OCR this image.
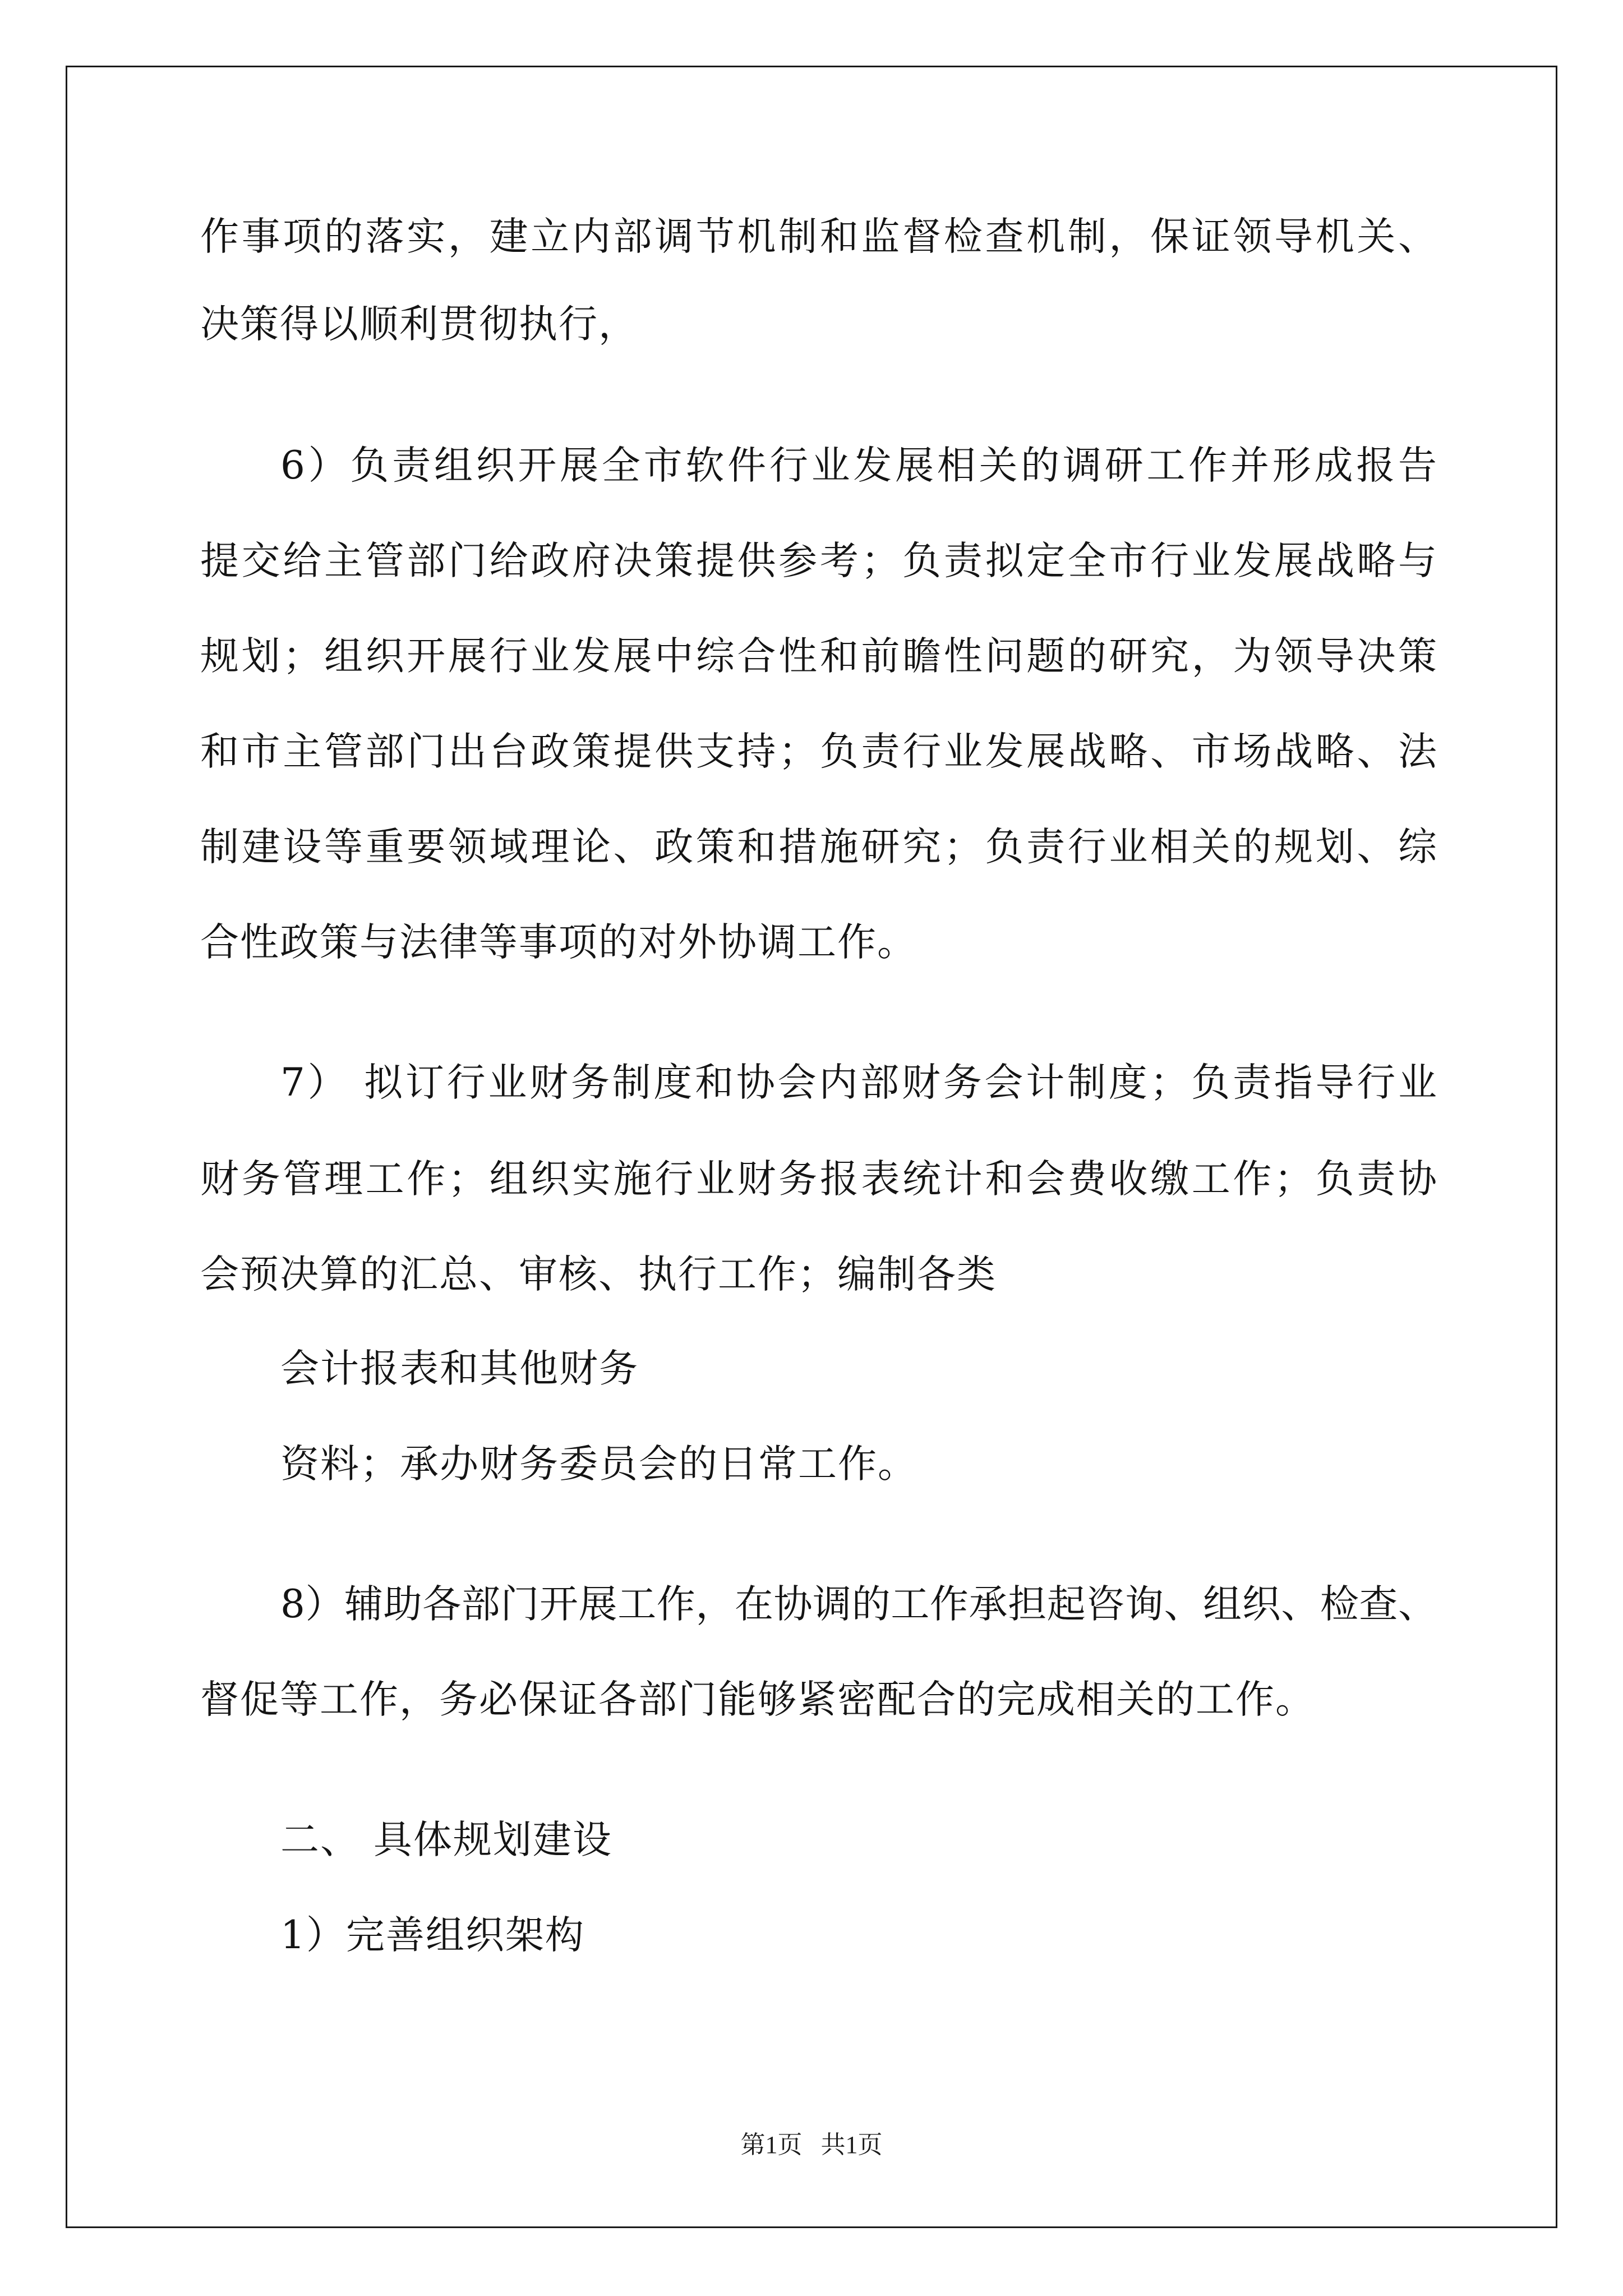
作事项的落实，建立内部调节机制和监督检查机制，保证领导机关、

决策得以顺利贯彻执行，

6）负责组织开展全市软件行业发展相关的调研工作并形成报告

提交给主管部门给政府决策提供参考；负责拟定全市行业发展战略与

规划；组织开展行业发展中综合性和前瞻性问题的研究，为领导决策

和市主管部门出台政策提供支持；负责行业发展战略、市场战略、法

制建设等重要领域理论、政策和措施研究；负责行业相关的规划、综

合性政策与法律等事项的对外协调工作。

7） 拟订行业财务制度和协会内部财务会计制度；负责指导行业

财务管理工作；组织实施行业财务报表统计和会费收缴工作；负责协

会预决算的汇总、审核、执行工作；编制各类

会计报表和其他财务

资料；承办财务委员会的日常工作。

8）辅助各部门开展工作，在协调的工作承担起咨询、组织、检查、

督促等工作，务必保证各部门能够紧密配合的完成相关的工作。

二、 具体规划建设

1）完善组织架构

第1页   共1页
